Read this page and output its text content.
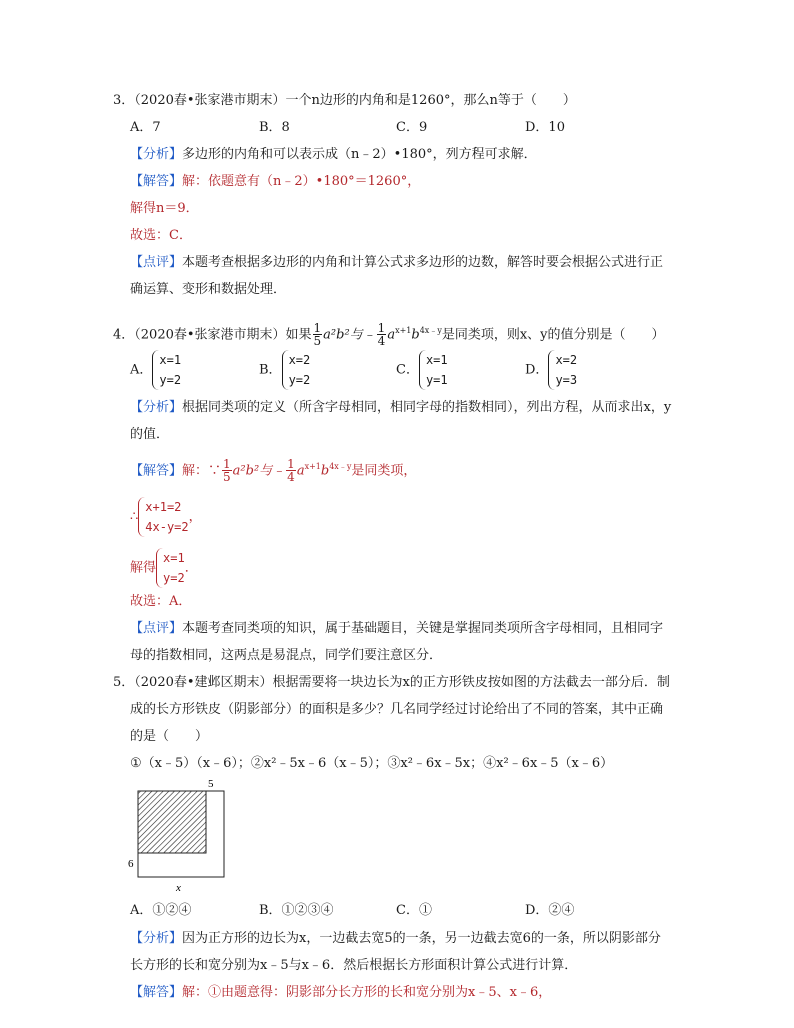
3．（2020春•张家港市期末）一个n边形的内角和是1260°，那么n等于（　　）
A．7	B．8	C．9	D．10
【分析】多边形的内角和可以表示成（n﹣2）•180°，列方程可求解．
【解答】解：依题意有（n﹣2）•180°＝1260°，
解得n＝9．
故选：C．
【点评】本题考查根据多边形的内角和计算公式求多边形的边数，解答时要会根据公式进行正
确运算、变形和数据处理．
4．（2020春•张家港市期末）如果 $\frac{1}{5} a^2b^2$与﹣ $\frac{1}{4} a^{x+1}b^{4x﹣y}$是同类项，则x、y的值分别是（　　）
A．x=1
y=2
B．x=2
y=2
C．x=1
y=1
D．x=2
y=3
【分析】根据同类项的定义（所含字母相同，相同字母的指数相同），列出方程，从而求出x，y
的值．
【解答】解：∵ $\frac{1}{5} a^2b^2$与﹣ $\frac{1}{4} a^{x+1}b^{4x﹣y}$是同类项，
∴x+1=2
4x-y=2，
解得x=1
y=2．
故选：A．
【点评】本题考查同类项的知识，属于基础题目，关键是掌握同类项所含字母相同，且相同字
母的指数相同，这两点是易混点，同学们要注意区分．
5．（2020春•建邺区期末）根据需要将一块边长为x的正方形铁皮按如图的方法截去一部分后．制
成的长方形铁皮（阴影部分）的面积是多少？几名同学经过讨论给出了不同的答案，其中正确
的是（　　）
①（x﹣5）（x﹣6）；②x²﹣5x﹣6（x﹣5）；③x²﹣6x﹣5x；④x²﹣6x﹣5（x﹣6）
5
6
x
A．①②④	B．①②③④	C．①	D．②④
【分析】因为正方形的边长为x，一边截去宽5的一条，另一边截去宽6的一条，所以阴影部分
长方形的长和宽分别为x﹣5与x﹣6．然后根据长方形面积计算公式进行计算．
【解答】解：①由题意得：阴影部分长方形的长和宽分别为x﹣5、x﹣6，
